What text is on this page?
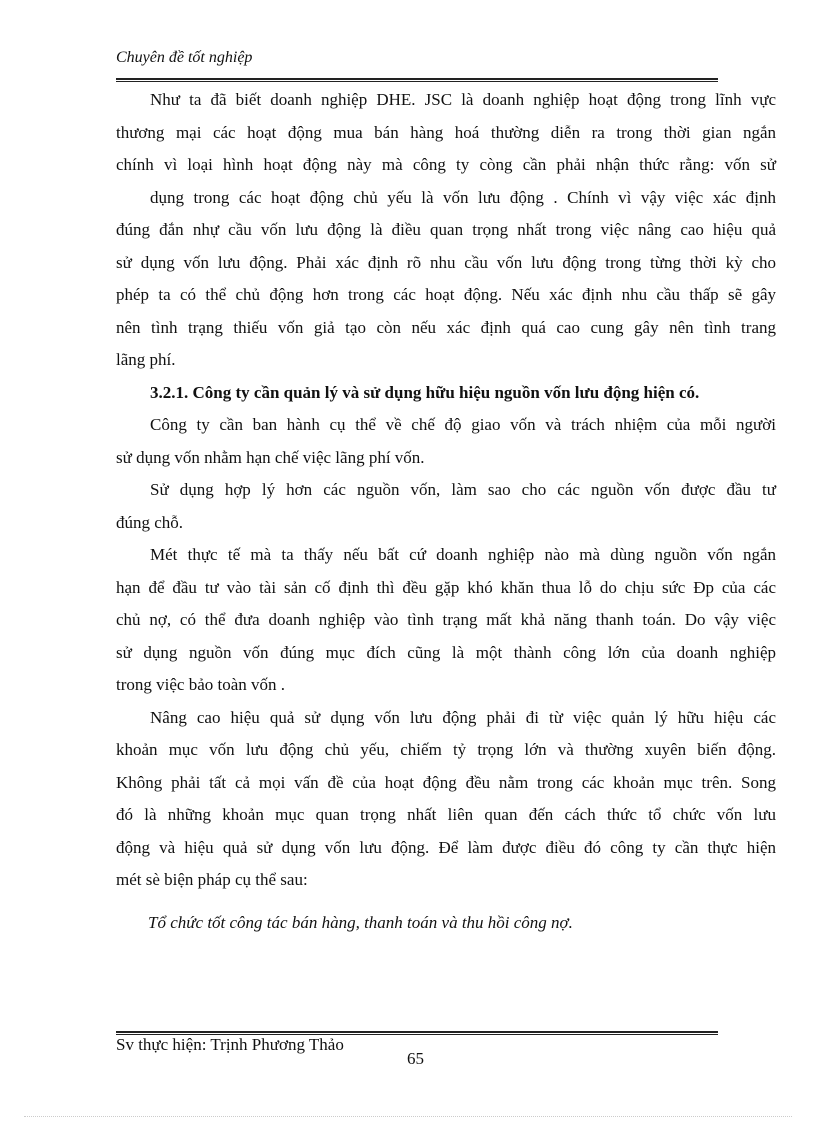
Chuyên đề tốt nghiệp
Như ta đã biết doanh nghiệp DHE. JSC là doanh nghiệp hoạt động trong lĩnh vực
thương mại các hoạt động mua bán hàng hoá thường diễn ra trong thời gian ngắn
chính vì loại hình hoạt động này mà công ty còng cần phải nhận thức rằng: vốn sử
dụng trong các hoạt động chủ yếu là vốn lưu động . Chính vì vậy việc xác định
đúng đắn nhự cầu vốn lưu động là điều quan trọng nhất trong việc nâng cao hiệu quả
sử dụng vốn lưu động. Phải xác định rõ nhu cầu vốn lưu động trong từng thời kỳ cho
phép ta có thể chủ động hơn trong các hoạt động. Nếu xác định nhu cầu thấp sẽ gây
nên tình trạng thiếu vốn giả tạo còn nếu xác định quá cao cung gây nên tình trang
lãng phí.
3.2.1. Công ty cần quản lý và sử dụng hữu hiệu nguồn vốn lưu động hiện có.
Công ty cần ban hành cụ thể về chế độ giao vốn và trách nhiệm của mỗi người
sử dụng vốn nhằm hạn chế việc lãng phí vốn.
Sử dụng hợp lý hơn các nguồn vốn, làm sao cho các nguồn vốn được đầu tư
đúng chỗ.
Mét thực tế mà ta thấy nếu bất cứ doanh nghiệp nào mà dùng nguồn vốn ngắn
hạn để đầu tư vào tài sản cố định thì đều gặp khó khăn thua lỗ do chịu sức Ðp của các
chủ nợ, có thể đưa doanh nghiệp vào tình trạng mất khả năng thanh toán. Do vậy việc
sử dụng nguồn vốn đúng mục đích cũng là một thành công lớn của doanh nghiệp
trong việc bảo toàn vốn .
Nâng cao hiệu quả sử dụng vốn lưu động phải đi từ việc quản lý hữu hiệu các
khoản mục vốn lưu động chủ yếu, chiếm tỷ trọng lớn và thường xuyên biến động.
Không phải tất cả mọi vấn đề của hoạt động đều nằm trong các khoản mục trên. Song
đó là những khoản mục quan trọng nhất liên quan đến cách thức tổ chức vốn lưu
động và hiệu quả sử dụng vốn lưu động. Để làm được điều đó công ty cần thực hiện
mét sè biện pháp cụ thể sau:
Tổ chức tốt công tác bán hàng, thanh toán và thu hồi công nợ.
Sv thực hiện: Trịnh Phương Thảo
65
